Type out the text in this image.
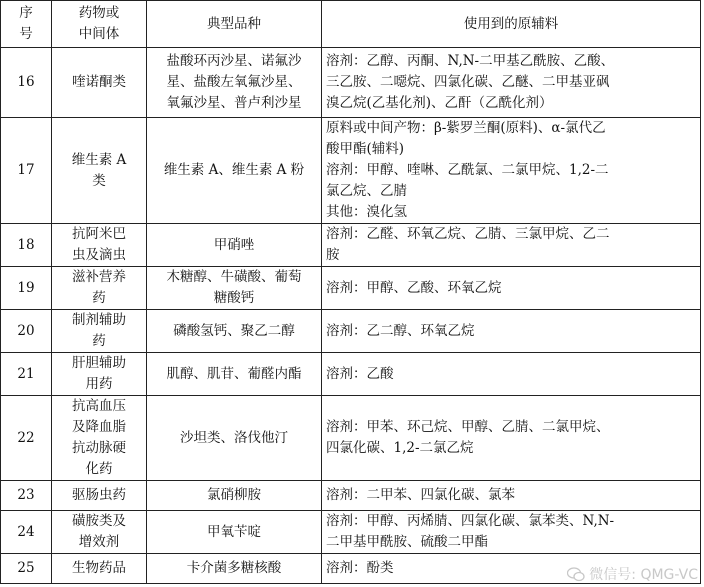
序
号	药物或
中间体	典型品种	使用到的原辅料

16	喹诺酮类	盐酸环丙沙星、诺氟沙
星、盐酸左氧氟沙星、
氧氟沙星、普卢利沙星	溶剂：乙醇、丙酮、N,N-二甲基乙酰胺、乙酸、
三乙胺、二噁烷、四氯化碳、乙醚、二甲基亚砜
溴乙烷(乙基化剂)、乙酐（乙酰化剂）

17	维生素 A
类	维生素 A、维生素 A 粉	原料或中间产物：β-紫罗兰酮(原料)、α-氯代乙
酸甲酯(辅料)
溶剂：甲醇、喹啉、乙酰氯、二氯甲烷、1,2-二
氯乙烷、乙腈
其他：溴化氢

18	抗阿米巴
虫及滴虫	甲硝唑	溶剂：乙醛、环氧乙烷、乙腈、三氯甲烷、乙二
胺

19	滋补营养
药	木糖醇、牛磺酸、葡萄
糖酸钙	溶剂：甲醇、乙酸、环氧乙烷

20	制剂辅助
药	磷酸氢钙、聚乙二醇	溶剂：乙二醇、环氧乙烷

21	肝胆辅助
用药	肌醇、肌苷、葡醛内酯	溶剂：乙酸

22	抗高血压
及降血脂
抗动脉硬
化药	沙坦类、洛伐他汀	溶剂：甲苯、环己烷、甲醇、乙腈、二氯甲烷、
四氯化碳、1,2-二氯乙烷

23	驱肠虫药	氯硝柳胺	溶剂：二甲苯、四氯化碳、氯苯

24	磺胺类及
增效剂	甲氧苄啶	溶剂：甲醇、丙烯腈、四氯化碳、氯苯类、N,N-
二甲基甲酰胺、硫酸二甲酯

25	生物药品	卡介菌多糖核酸	溶剂：酚类	微信号: QMG-VC
